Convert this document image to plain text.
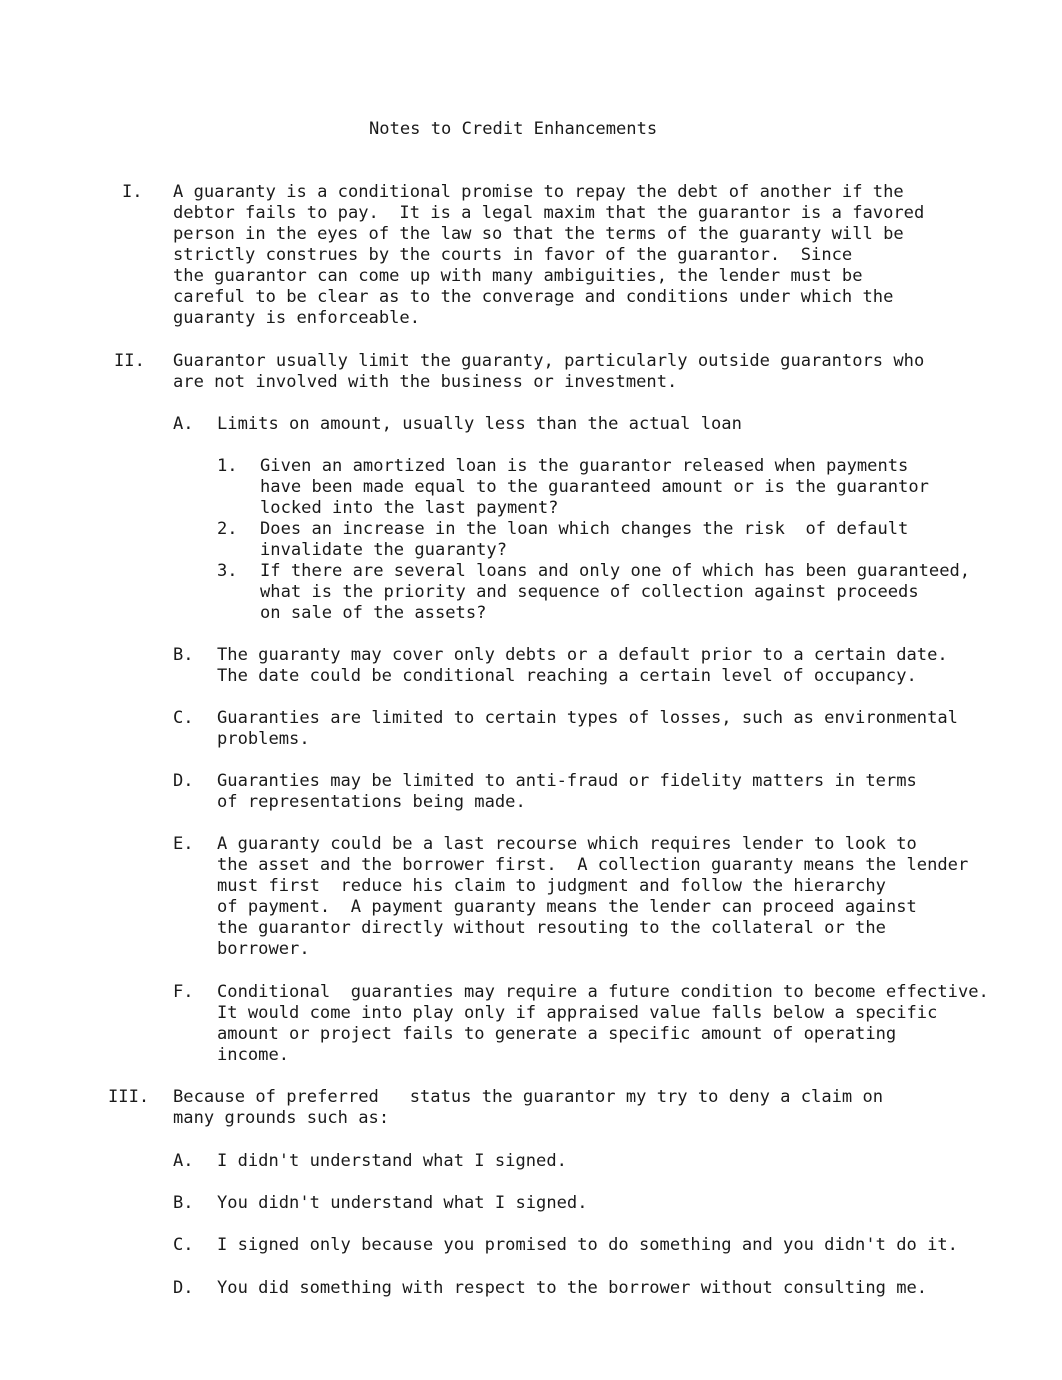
Notes to Credit Enhancements

I. A guaranty is a conditional promise to repay the debt of another if the

debtor fails to pay.  It is a legal maxim that the guarantor is a favored

person in the eyes of the law so that the terms of the guaranty will be

strictly construes by the courts in favor of the guarantor.  Since

the guarantor can come up with many ambiguities, the lender must be

careful to be clear as to the converage and conditions under which the

guaranty is enforceable.

II. Guarantor usually limit the guaranty, particularly outside guarantors who

are not involved with the business or investment.

A. Limits on amount, usually less than the actual loan

1. Given an amortized loan is the guarantor released when payments

have been made equal to the guaranteed amount or is the guarantor

locked into the last payment?

2. Does an increase in the loan which changes the risk  of default

invalidate the guaranty?

3. If there are several loans and only one of which has been guaranteed,

what is the priority and sequence of collection against proceeds

on sale of the assets?

B. The guaranty may cover only debts or a default prior to a certain date.

The date could be conditional reaching a certain level of occupancy.

C. Guaranties are limited to certain types of losses, such as environmental

problems.

D. Guaranties may be limited to anti-fraud or fidelity matters in terms

of representations being made.

E. A guaranty could be a last recourse which requires lender to look to

the asset and the borrower first.  A collection guaranty means the lender

must first  reduce his claim to judgment and follow the hierarchy

of payment.  A payment guaranty means the lender can proceed against

the guarantor directly without resouting to the collateral or the

borrower.

F. Conditional  guaranties may require a future condition to become effective.

It would come into play only if appraised value falls below a specific

amount or project fails to generate a specific amount of operating

income.

III. Because of preferred   status the guarantor my try to deny a claim on

many grounds such as:

A. I didn't understand what I signed.

B. You didn't understand what I signed.

C. I signed only because you promised to do something and you didn't do it.

D. You did something with respect to the borrower without consulting me.
